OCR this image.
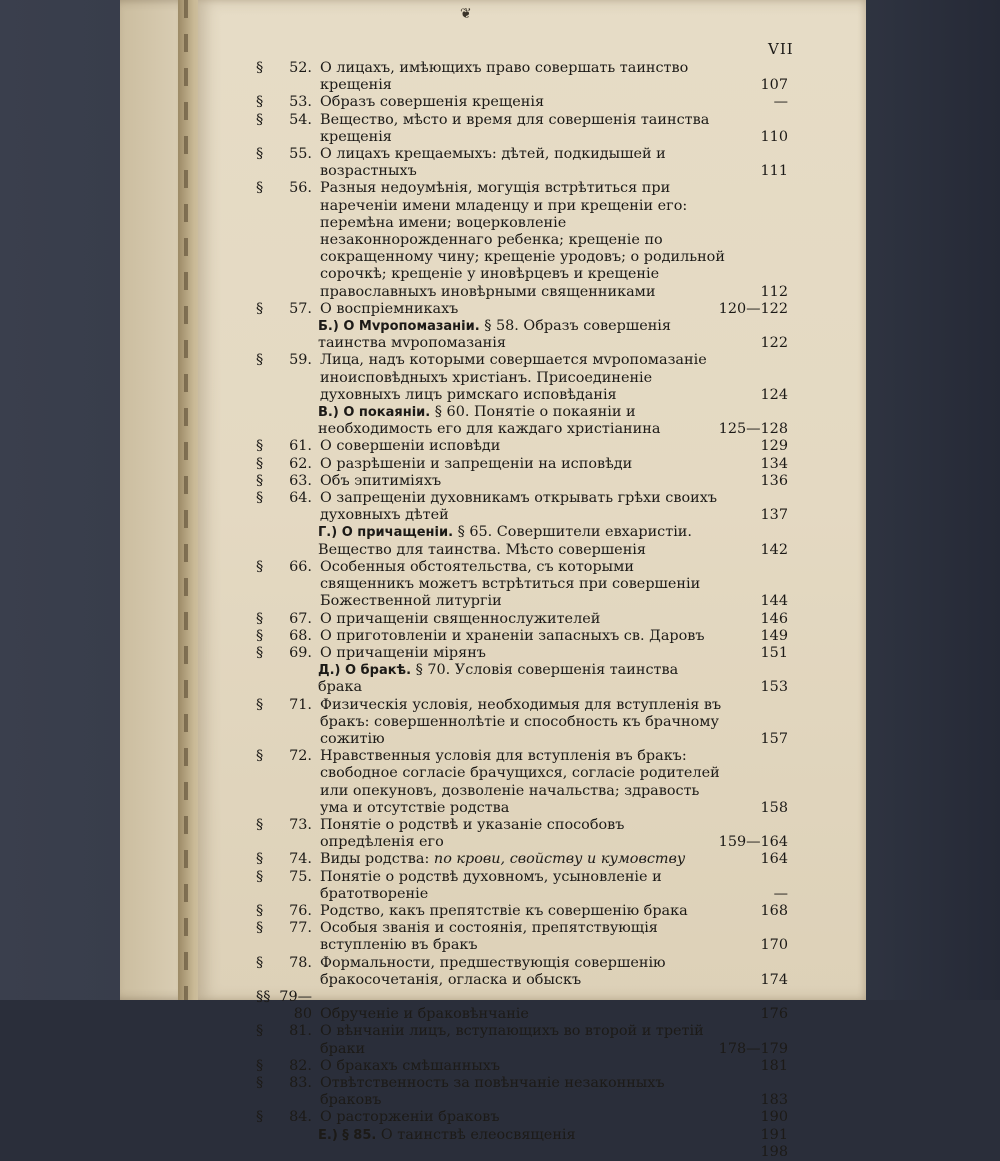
❦
VII
§	52. О лицахъ, имѣющихъ право совершать таинство крещенія	107
§	53. Образъ совершенія крещенія	—
§	54. Вещество, мѣсто и время для совершенія таинства крещенія	110
§	55. О лицахъ крещаемыхъ: дѣтей, подкидышей и возрастныхъ	111
§	56. Разныя недоумѣнія, могущія встрѣтиться при нареченіи имени младенцу и при крещеніи его: перемѣна имени; воцерковленіе незаконнорожденнаго ребенка; крещеніе по сокращенному чину; крещеніе уродовъ; о родильной сорочкѣ; крещеніе у иновѣрцевъ и крещеніе православныхъ иновѣрными священниками	112
§	57. О воспріемникахъ	120—122
Б.) О Мvропомазаніи. § 58. Образъ совершенія таинства мvропомазанія	122
§	59. Лица, надъ которыми совершается мvропомазаніе иноисповѣдныхъ христіанъ. Присоединеніе духовныхъ лицъ римскаго исповѣданія	124
В.) О покаяніи. § 60. Понятіе о покаяніи и необходимость его для каждаго христіанина	125—128
§	61. О совершеніи исповѣди	129
§	62. О разрѣшеніи и запрещеніи на исповѣди	134
§	63. Объ эпитиміяхъ	136
§	64. О запрещеніи духовникамъ открывать грѣхи своихъ духовныхъ дѣтей	137
Г.) О причащеніи. § 65. Совершители евхаристіи. Вещество для таинства. Мѣсто совершенія	142
§	66. Особенныя обстоятельства, съ которыми священникъ можетъ встрѣтиться при совершеніи Божественной литургіи	144
§	67. О причащеніи священнослужителей	146
§	68. О приготовленіи и храненіи запасныхъ св. Даровъ	149
§	69. О причащеніи мірянъ	151
Д.) О бракѣ. § 70. Условія совершенія таинства брака	153
§	71. Физическія условія, необходимыя для вступленія въ бракъ: совершеннолѣтіе и способность къ брачному сожитію	157
§	72. Нравственныя условія для вступленія въ бракъ: свободное согласіе брачущихся, согласіе родителей или опекуновъ, дозволеніе начальства; здравость ума и отсутствіе родства	158
§	73. Понятіе о родствѣ и указаніе способовъ опредѣленія его	159—164
§	74. Виды родства: по крови, свойству и кумовству	164
§	75. Понятіе о родствѣ духовномъ, усыновленіе и братотвореніе	—
§	76. Родство, какъ препятствіе къ совершенію брака	168
§	77. Особыя званія и состоянія, препятствующія вступленію въ бракъ	170
§	78. Формальности, предшествующія совершенію бракосочетанія, огласка и обыскъ	174
§§ 79—80 Обрученіе и браковѣнчаніе	176
§	81. О вѣнчаніи лицъ, вступающихъ во второй и третій браки	178—179
§	82. О бракахъ смѣшанныхъ	181
§	83. Отвѣтственность за повѣнчаніе незаконныхъ браковъ	183
§	84. О расторженіи браковъ	190
Е.) § 85. О таинствѣ елеосвященія	191
198
